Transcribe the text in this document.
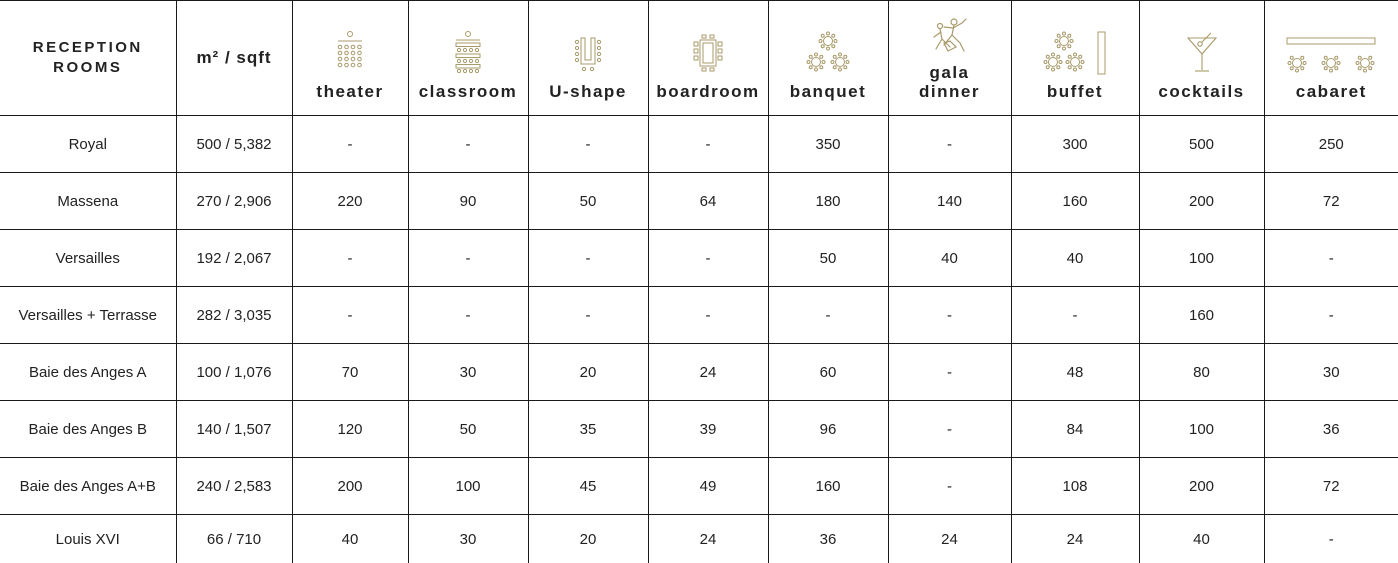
RECEPTION
ROOMS	m² / sqft	theater	classroom	U-shape	boardroom	banquet	gala
dinner	buffet	cocktails	cabaret

Royal	500 / 5,382	-	-	-	-	350	-	300	500	250
Massena	270 / 2,906	220	90	50	64	180	140	160	200	72
Versailles	192 / 2,067	-	-	-	-	50	40	40	100	-
Versailles + Terrasse	282 / 3,035	-	-	-	-	-	-	-	160	-
Baie des Anges A	100 / 1,076	70	30	20	24	60	-	48	80	30
Baie des Anges B	140 / 1,507	120	50	35	39	96	-	84	100	36
Baie des Anges A+B	240 / 2,583	200	100	45	49	160	-	108	200	72
Louis XVI	66 / 710	40	30	20	24	36	24	24	40	-
